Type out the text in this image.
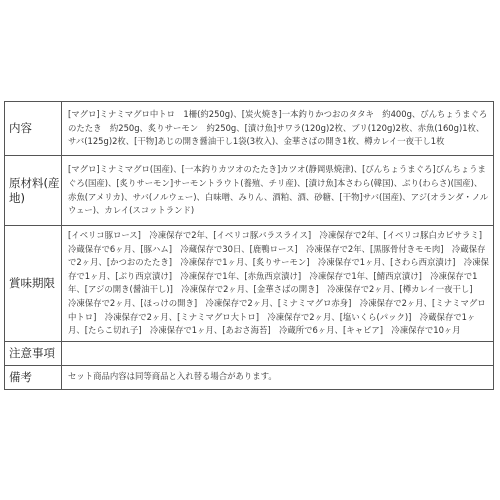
内容	[マグロ]ミナミマグロ中トロ　1柵(約250g)、[炭火焼き]一本釣りかつおのタタキ　約400g、びんちょうまぐろのたたき　約250g、炙りサーモン　約250g、[漬け魚]サワラ(120g)2枚、ブリ(120g)2枚、赤魚(160g)1枚、サバ(125g)2枚、[干物]あじの開き醤油干し1袋(3枚入)、金華さばの開き1枚、樽カレイ一夜干し1枚

原材料(産地)	[マグロ]ミナミマグロ(国産)、[一本釣りカツオのたたき]カツオ(静岡県焼津)、[びんちょうまぐろ]びんちょうまぐろ(国産)、[炙りサーモン]サーモントラウト(養殖、チリ産)、[漬け魚]本さわら(韓国)、ぶり(わらさ)(国産)、赤魚(アメリカ)、サバ(ノルウェー)、白味噌、みりん、酒粕、酒、砂糖、[干物]サバ(国産)、アジ(オランダ・ノルウェー)、カレイ(スコットランド)

賞味期限	[イベリコ豚ロース]　冷凍保存で2年、[イベリコ豚バラスライス]　冷凍保存で2年、[イベリコ豚白カビサラミ]　冷蔵保存で6ヶ月、[豚ハム]　冷蔵保存で30日、[鹿鴨ロース]　冷凍保存で2年、[黒豚骨付きモモ肉]　冷蔵保存で2ヶ月、[かつおのたたき]　冷凍保存で1ヶ月、[炙りサーモン]　冷凍保存で1ヶ月、[さわら西京漬け]　冷凍保存で1ヶ月、[ぶり西京漬け]　冷凍保存で1年、[赤魚西京漬け]　冷凍保存で1年、[鯖西京漬け]　冷凍保存で1年、[アジの開き(醤油干し)]　冷凍保存で2ヶ月、[金華さばの開き]　冷凍保存で2ヶ月、[樽カレイ一夜干し]　冷凍保存で2ヶ月、[ほっけの開き]　冷凍保存で2ヶ月、[ミナミマグロ赤身]　冷凍保存で2ヶ月、[ミナミマグロ中トロ]　冷凍保存で2ヶ月、[ミナミマグロ大トロ]　冷凍保存で2ヶ月、[塩いくら(パック)]　冷蔵保存で1ヶ月、[たらこ切れ子]　冷凍保存で1ヶ月、[あおさ海苔]　冷蔵所で6ヶ月、[キャビア]　冷凍保存で10ヶ月

注意事項	

備考	セット商品内容は同等商品と入れ替る場合があります。
